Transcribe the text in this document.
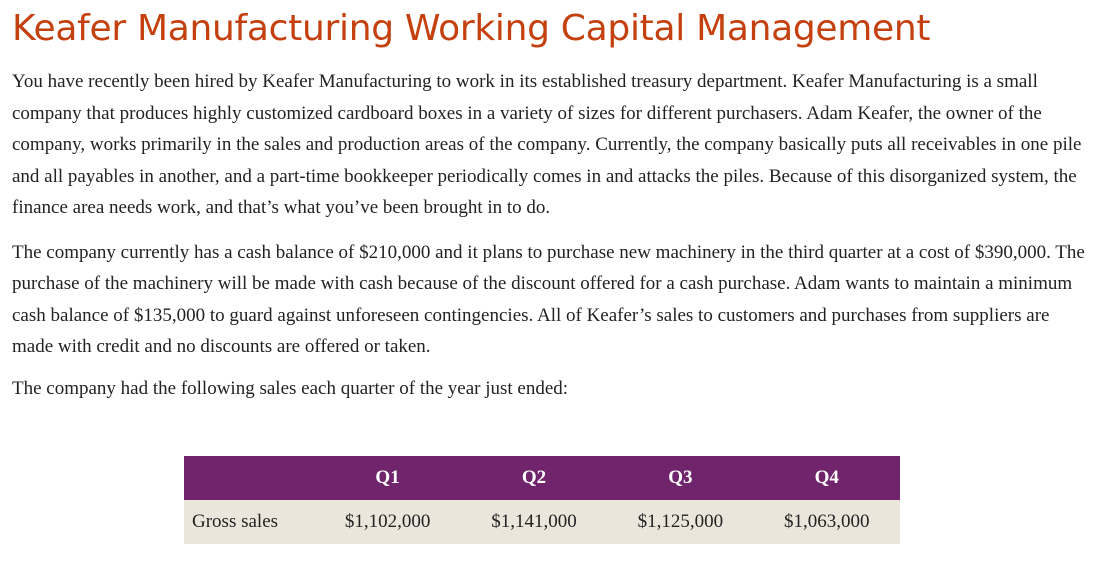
Keafer Manufacturing Working Capital Management

You have recently been hired by Keafer Manufacturing to work in its established treasury department. Keafer Manufacturing is a small company that produces highly customized cardboard boxes in a variety of sizes for different purchasers. Adam Keafer, the owner of the company, works primarily in the sales and production areas of the company. Currently, the company basically puts all receivables in one pile and all payables in another, and a part-time bookkeeper periodically comes in and attacks the piles. Because of this disorganized system, the finance area needs work, and that’s what you’ve been brought in to do.

The company currently has a cash balance of $210,000 and it plans to purchase new machinery in the third quarter at a cost of $390,000. The purchase of the machinery will be made with cash because of the discount offered for a cash purchase. Adam wants to maintain a minimum cash balance of $135,000 to guard against unforeseen contingencies. All of Keafer’s sales to customers and purchases from suppliers are made with credit and no discounts are offered or taken.

The company had the following sales each quarter of the year just ended:

	Q1	Q2	Q3	Q4
Gross sales	$1,102,000	$1,141,000	$1,125,000	$1,063,000
